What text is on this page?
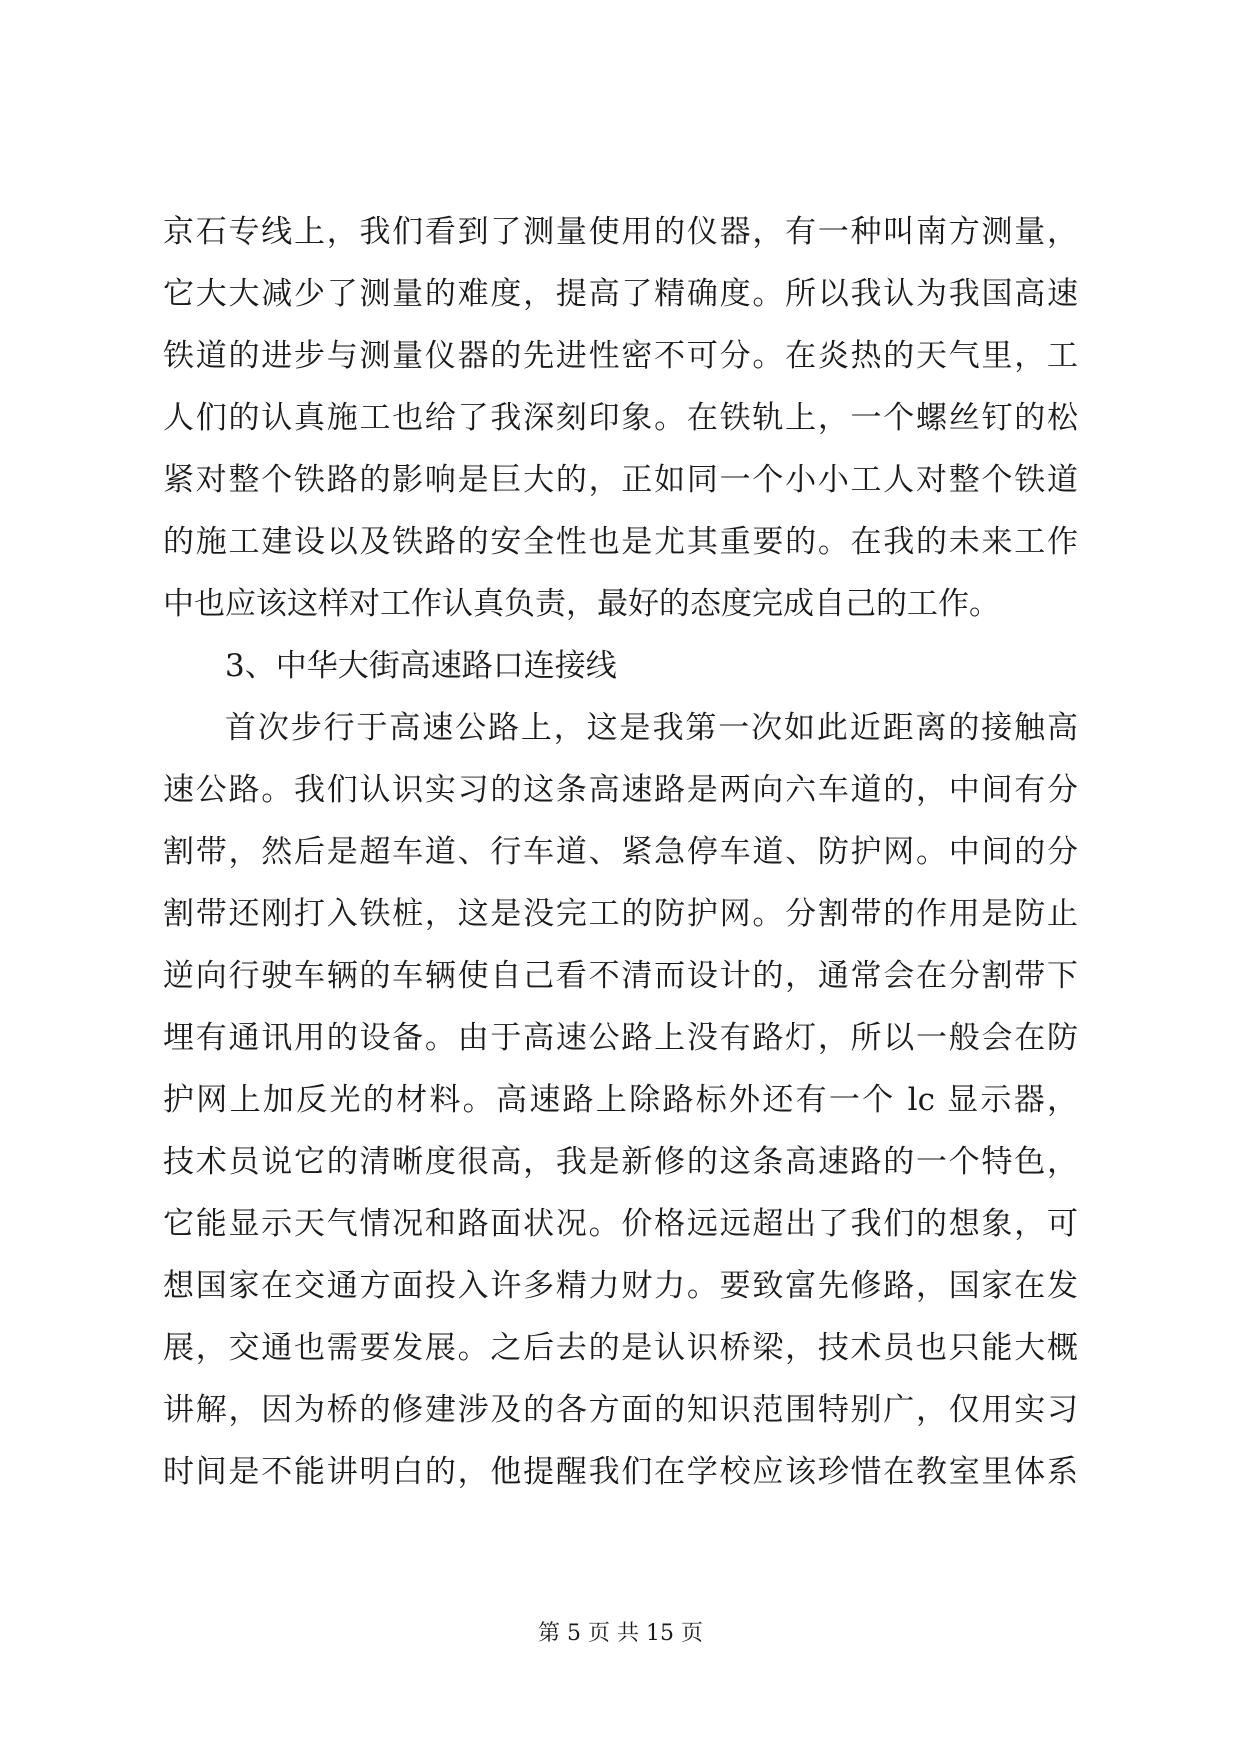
京石专线上，我们看到了测量使用的仪器，有一种叫南方测量，
它大大减少了测量的难度，提高了精确度。所以我认为我国高速
铁道的进步与测量仪器的先进性密不可分。在炎热的天气里，工
人们的认真施工也给了我深刻印象。在铁轨上，一个螺丝钉的松
紧对整个铁路的影响是巨大的，正如同一个小小工人对整个铁道
的施工建设以及铁路的安全性也是尤其重要的。在我的未来工作
中也应该这样对工作认真负责，最好的态度完成自己的工作。
3、中华大街高速路口连接线
首次步行于高速公路上，这是我第一次如此近距离的接触高
速公路。我们认识实习的这条高速路是两向六车道的，中间有分
割带，然后是超车道、行车道、紧急停车道、防护网。中间的分
割带还刚打入铁桩，这是没完工的防护网。分割带的作用是防止
逆向行驶车辆的车辆使自己看不清而设计的，通常会在分割带下
埋有通讯用的设备。由于高速公路上没有路灯，所以一般会在防
护网上加反光的材料。高速路上除路标外还有一个 lc 显示器，
技术员说它的清晰度很高，我是新修的这条高速路的一个特色，
它能显示天气情况和路面状况。价格远远超出了我们的想象，可
想国家在交通方面投入许多精力财力。要致富先修路，国家在发
展，交通也需要发展。之后去的是认识桥梁，技术员也只能大概
讲解，因为桥的修建涉及的各方面的知识范围特别广，仅用实习
时间是不能讲明白的，他提醒我们在学校应该珍惜在教室里体系
第 5 页 共 15 页
